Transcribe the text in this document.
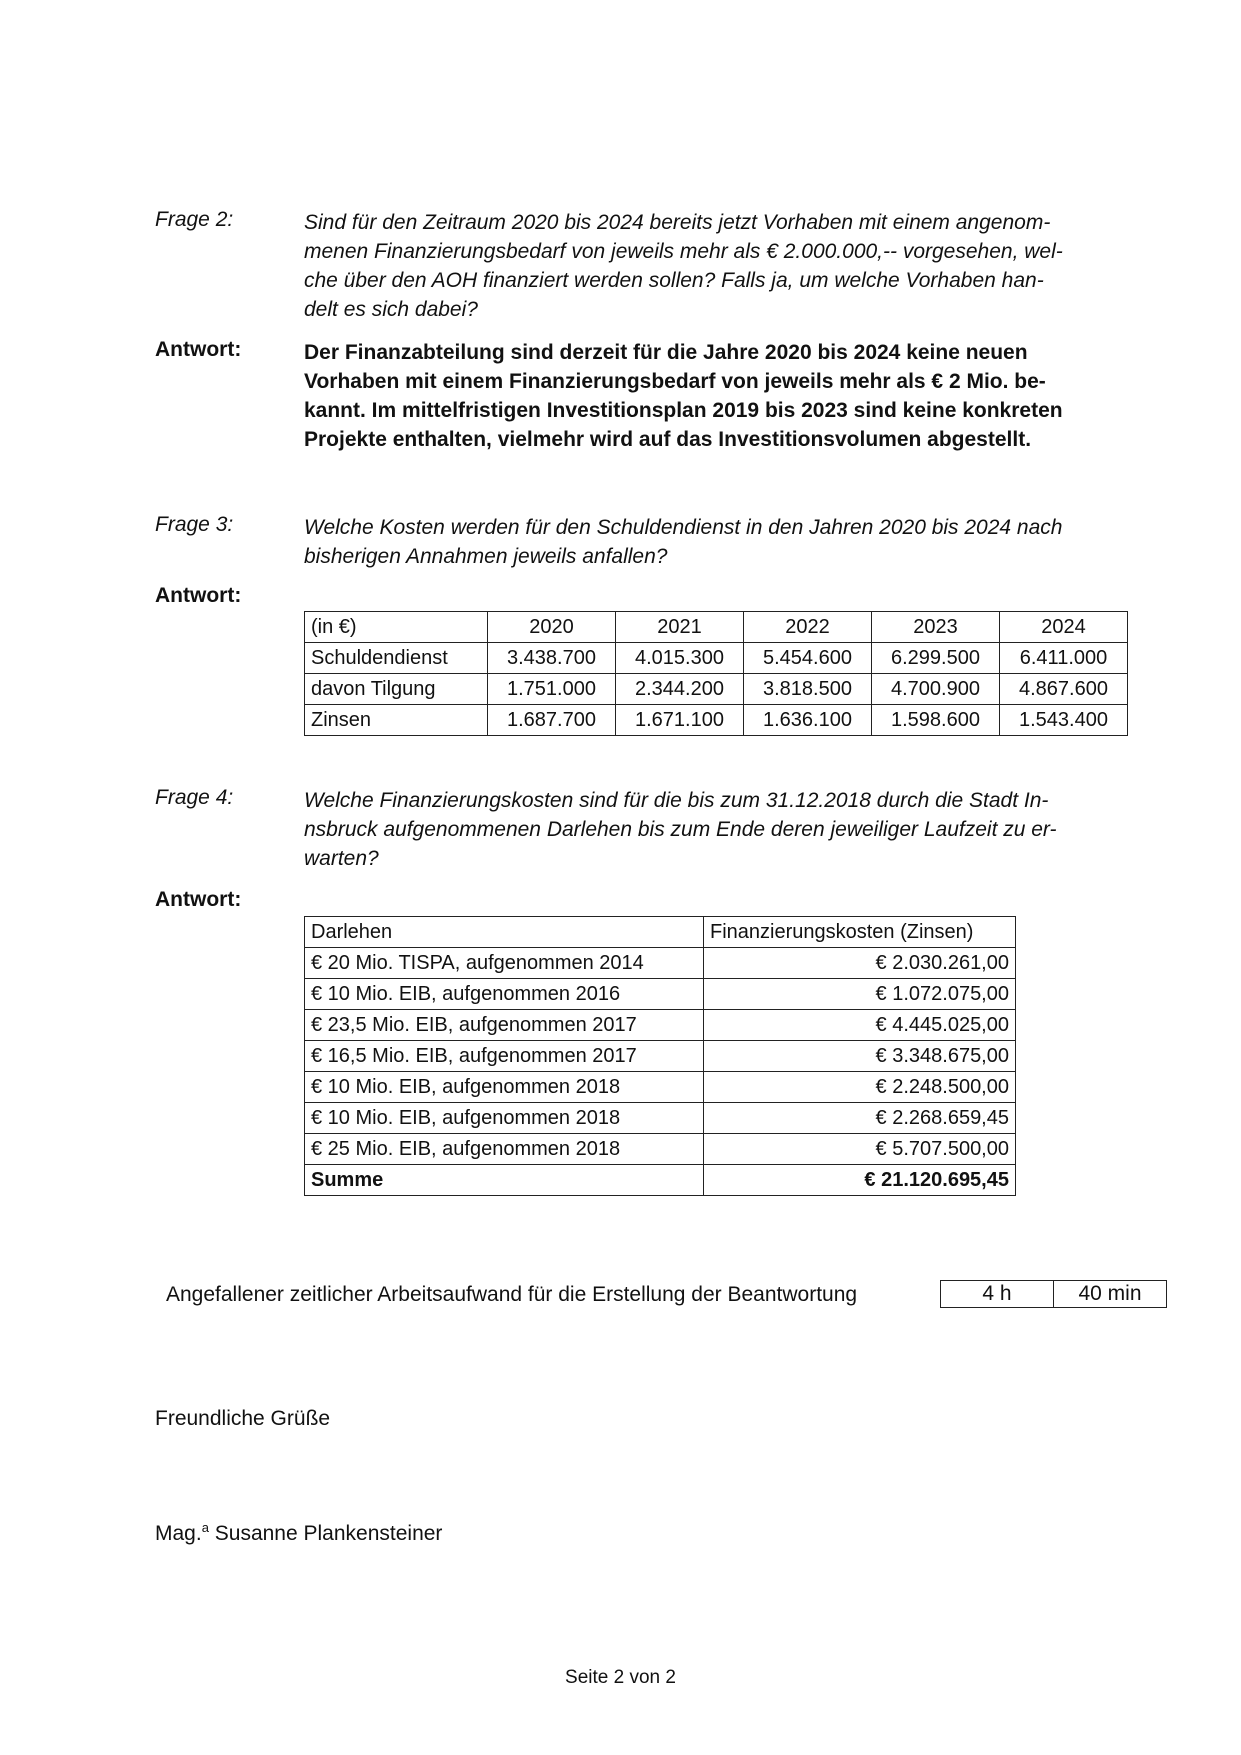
Frage 2:	Sind für den Zeitraum 2020 bis 2024 bereits jetzt Vorhaben mit einem angenom-
menen Finanzierungsbedarf von jeweils mehr als € 2.000.000,-- vorgesehen, wel-
che über den AOH finanziert werden sollen? Falls ja, um welche Vorhaben han-
delt es sich dabei?
Antwort:	Der Finanzabteilung sind derzeit für die Jahre 2020 bis 2024 keine neuen
Vorhaben mit einem Finanzierungsbedarf von jeweils mehr als € 2 Mio. be-
kannt. Im mittelfristigen Investitionsplan 2019 bis 2023 sind keine konkreten
Projekte enthalten, vielmehr wird auf das Investitionsvolumen abgestellt.
Frage 3:	Welche Kosten werden für den Schuldendienst in den Jahren 2020 bis 2024 nach
bisherigen Annahmen jeweils anfallen?
Antwort:
(in €)	2020	2021	2022	2023	2024
Schuldendienst	3.438.700	4.015.300	5.454.600	6.299.500	6.411.000
davon Tilgung	1.751.000	2.344.200	3.818.500	4.700.900	4.867.600
Zinsen	1.687.700	1.671.100	1.636.100	1.598.600	1.543.400
Frage 4:	Welche Finanzierungskosten sind für die bis zum 31.12.2018 durch die Stadt In-
nsbruck aufgenommenen Darlehen bis zum Ende deren jeweiliger Laufzeit zu er-
warten?
Antwort:
Darlehen	Finanzierungskosten (Zinsen)
€ 20 Mio. TISPA, aufgenommen 2014	€ 2.030.261,00
€ 10 Mio. EIB, aufgenommen 2016	€ 1.072.075,00
€ 23,5 Mio. EIB, aufgenommen 2017	€ 4.445.025,00
€ 16,5 Mio. EIB, aufgenommen 2017	€ 3.348.675,00
€ 10 Mio. EIB, aufgenommen 2018	€ 2.248.500,00
€ 10 Mio. EIB, aufgenommen 2018	€ 2.268.659,45
€ 25 Mio. EIB, aufgenommen 2018	€ 5.707.500,00
Summe	€ 21.120.695,45
Angefallener zeitlicher Arbeitsaufwand für die Erstellung der Beantwortung	4 h	40 min
Freundliche Grüße
Mag.$^a$ Susanne Plankensteiner
Seite 2 von 2
